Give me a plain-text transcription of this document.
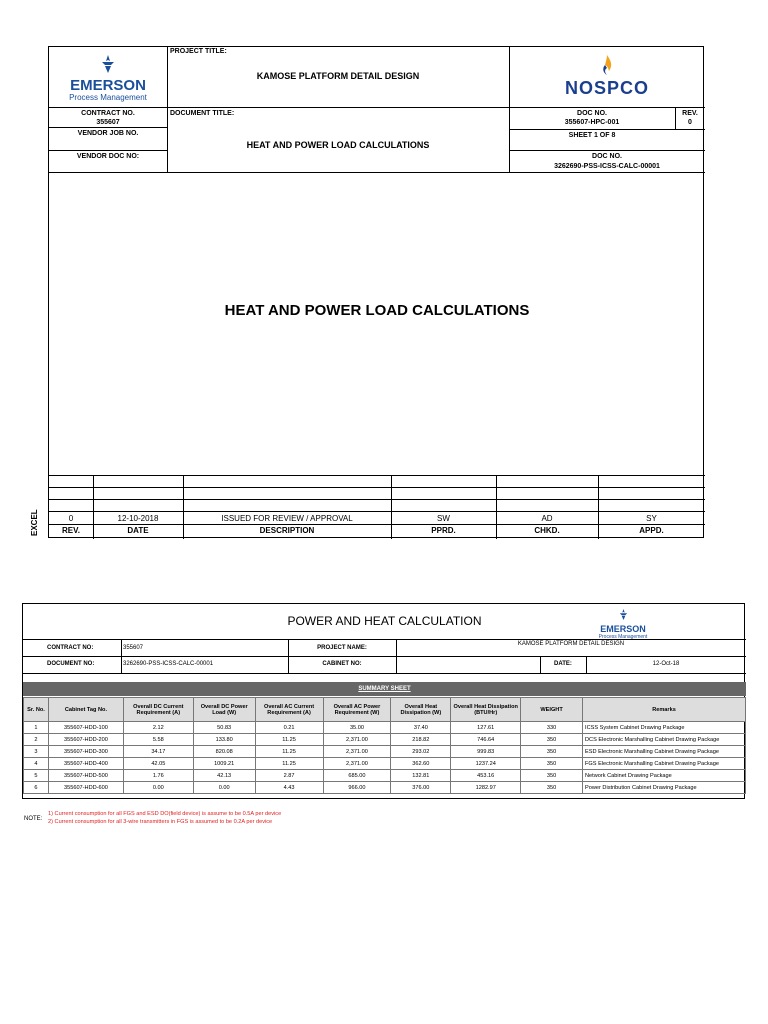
EMERSON
Process Management
PROJECT TITLE:
KAMOSE PLATFORM DETAIL DESIGN
NOSPCO
CONTRACT NO.
355607
VENDOR JOB NO.
VENDOR DOC NO:
DOCUMENT TITLE:
HEAT AND POWER LOAD CALCULATIONS
DOC NO.
355607-HPC-001
REV.
0
SHEET 1 OF 8
DOC NO.
3262690-PSS-ICSS-CALC-00001
HEAT AND POWER LOAD CALCULATIONS
0	12-10-2018	ISSUED FOR REVIEW / APPROVAL	SW	AD	SY
REV.	DATE	DESCRIPTION	PPRD.	CHKD.	APPD.
EXCEL
POWER AND HEAT CALCULATION
EMERSON
Process Management
CONTRACT NO:	355607	PROJECT NAME:
KAMOSE PLATFORM DETAIL DESIGN
DOCUMENT NO:	3262690-PSS-ICSS-CALC-00001	CABINET NO:	DATE:	12-Oct-18
SUMMARY SHEET
Sr. No.	Cabinet Tag No.	Overall DC Current Requirement (A)	Overall DC Power Load (W)	Overall AC Current Requirement (A)	Overall AC Power Requirement (W)	Overall Heat Dissipation (W)	Overall Heat Dissipation (BTU/Hr)	WEIGHT	Remarks
1	355607-HDD-100	2.12	50.83	0.21	35.00	37.40	127.61	330	ICSS System Cabinet Drawing Package
2	355607-HDD-200	5.58	133.80	11.25	2,371.00	218.82	746.64	350	DCS Electronic Marshalling Cabinet Drawing Package
3	355607-HDD-300	34.17	820.08	11.25	2,371.00	293.02	999.83	350	ESD Electronic Marshalling Cabinet Drawing Package
4	355607-HDD-400	42.05	1009.21	11.25	2,371.00	362.60	1237.24	350	FGS Electronic Marshalling Cabinet Drawing Package
5	355607-HDD-500	1.76	42.13	2.87	685.00	132.81	453.16	350	Network Cabinet Drawing Package
6	355607-HDD-600	0.00	0.00	4.43	966.00	376.00	1282.97	350	Power Distribution Cabinet Drawing Package
NOTE:
1) Current consumption for all FGS and ESD DO(field device) is assume to be 0.5A per device
2) Current consumption for all 3-wire transmitters in FGS is assumed to be 0.2A per device
